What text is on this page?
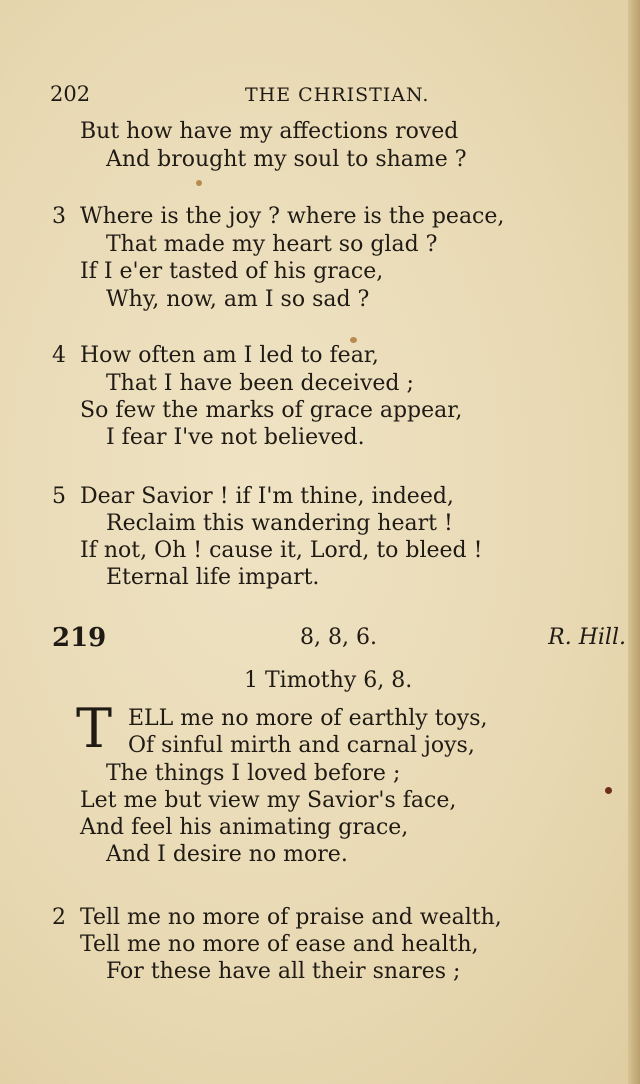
202	THE CHRISTIAN.
But how have my affections roved
And brought my soul to shame ?
3 Where is the joy ? where is the peace,
That made my heart so glad ?
If I e'er tasted of his grace,
Why, now, am I so sad ?
4 How often am I led to fear,
That I have been deceived ;
So few the marks of grace appear,
I fear I've not believed.
5 Dear Savior ! if I'm thine, indeed,
Reclaim this wandering heart !
If not, Oh ! cause it, Lord, to bleed !
Eternal life impart.
219	8, 8, 6.	R. Hill.
1 Timothy 6, 8.
T ELL me no more of earthly toys,
Of sinful mirth and carnal joys,
The things I loved before ;
Let me but view my Savior's face,
And feel his animating grace,
And I desire no more.
2 Tell me no more of praise and wealth,
Tell me no more of ease and health,
For these have all their snares ;
